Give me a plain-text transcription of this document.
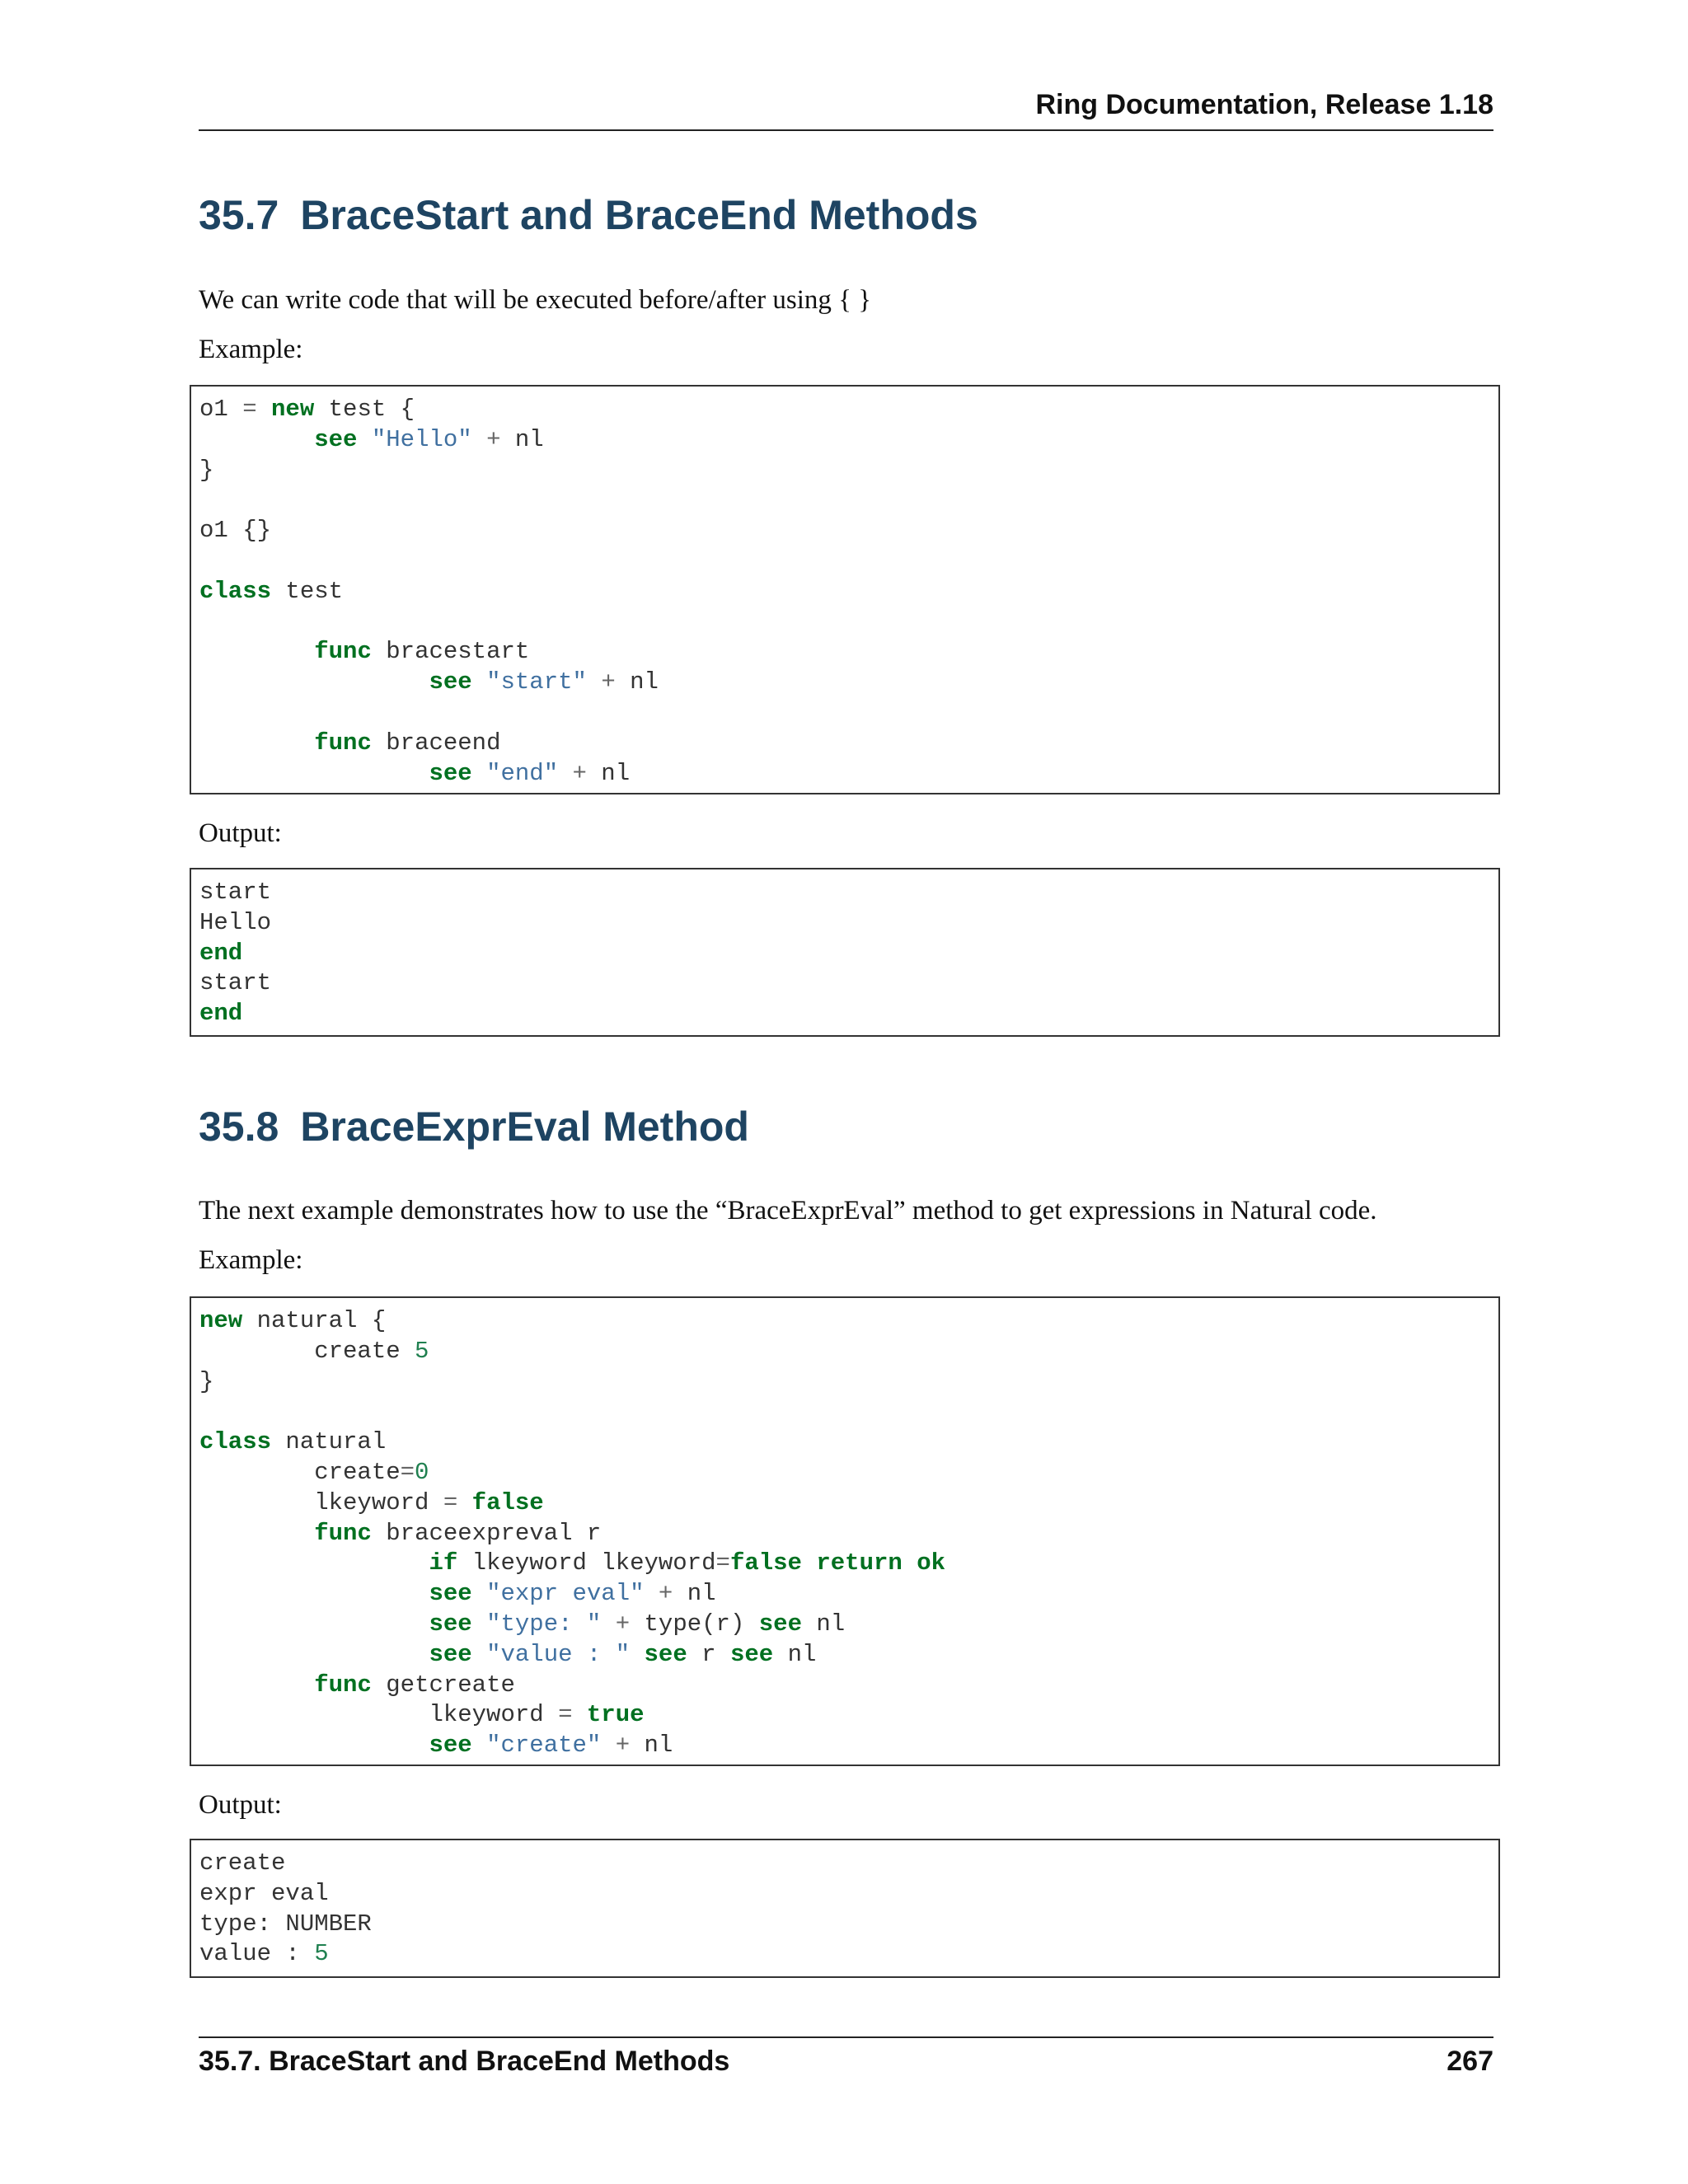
Ring Documentation, Release 1.18
35.7 BraceStart and BraceEnd Methods

We can write code that will be executed before/after using { }

Example:

o1 = new test {
see "Hello" + nl
}
o1 {}
class test
func bracestart
see "start" + nl
func braceend
see "end" + nl

Output:

start
Hello
end
start
end
35.8 BraceExprEval Method

The next example demonstrates how to use the “BraceExprEval” method to get expressions in Natural code.

Example:

new natural {
create 5
}
class natural
create=0
lkeyword = false
func braceexpreval r
if lkeyword lkeyword=false return ok
see "expr eval" + nl
see "type: " + type(r) see nl
see "value : " see r see nl
func getcreate
lkeyword = true
see "create" + nl

Output:

create
expr eval
type: NUMBER
value : 5
35.7. BraceStart and BraceEnd Methods	267
